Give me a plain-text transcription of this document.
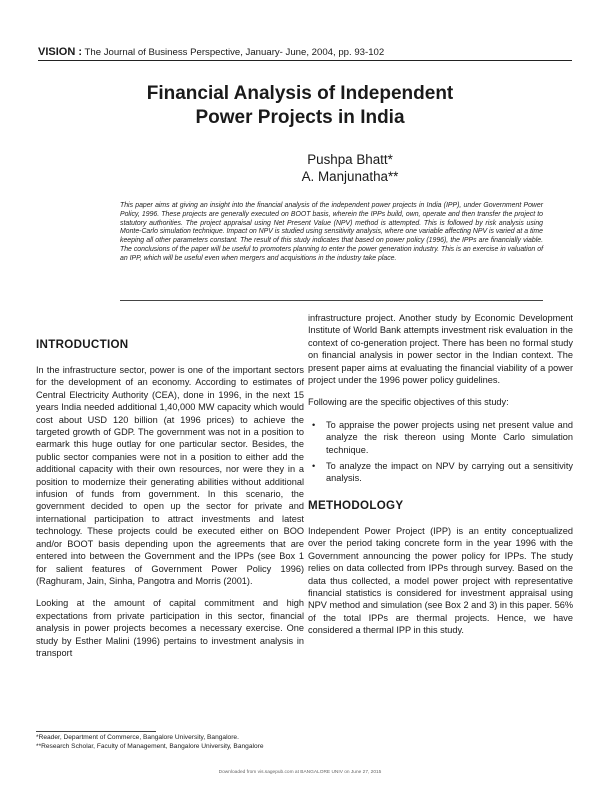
VISION : The Journal of Business Perspective, January- June, 2004, pp. 93-102
Financial Analysis of Independent
Power Projects in India
Pushpa Bhatt*
A. Manjunatha**
This paper aims at giving an insight into the financial analysis of the independent power projects in India (IPP), under Government Power Policy, 1996. These projects are generally executed on BOOT basis, wherein the IPPs build, own, operate and then transfer the project to statutory authorities. The project appraisal using Net Present Value (NPV) method is attempted. This is followed by risk analysis using Monte-Carlo simulation technique. Impact on NPV is studied using sensitivity analysis, where one variable affecting NPV is varied at a time keeping all other parameters constant. The result of this study indicates that based on power policy (1996), the IPPs are financially viable. The conclusions of the paper will be useful to promoters planning to enter the power generation industry. This is an exercise in valuation of an IPP, which will be useful even when mergers and acquisitions in the industry take place.
INTRODUCTION

In the infrastructure sector, power is one of the important sectors for the development of an economy. According to estimates of Central Electricity Authority (CEA), done in 1996, in the next 15 years India needed additional 1,40,000 MW capacity which would cost about USD 120 billion (at 1996 prices) to achieve the targeted growth of GDP. The government was not in a position to earmark this huge outlay for one particular sector. Besides, the public sector companies were not in a position to either add the additional capacity with their own resources, nor were they in a position to modernize their generating abilities without additional infusion of funds from government. In this scenario, the government decided to open up the sector for private and international participation to attract investments and latest technology. These projects could be executed either on BOO and/or BOOT basis depending upon the agreements that are entered into between the Government and the IPPs (see Box 1 for salient features of Government Power Policy 1996) (Raghuram, Jain, Sinha, Pangotra and Morris (2001).

Looking at the amount of capital commitment and high expectations from private participation in this sector, financial analysis in power projects becomes a necessary exercise. One study by Esther Malini (1996) pertains to investment analysis in transport

infrastructure project. Another study by Economic Development Institute of World Bank attempts investment risk evaluation in the context of co-generation project. There has been no formal study on financial analysis in power sector in the Indian context. The present paper aims at evaluating the financial viability of a power project under the 1996 power policy guidelines.

Following are the specific objectives of this study:

• To appraise the power projects using net present value and analyze the risk thereon using Monte Carlo simulation technique.
• To analyze the impact on NPV by carrying out a sensitivity analysis.
METHODOLOGY

Independent Power Project (IPP) is an entity conceptualized over the period taking concrete form in the year 1996 with the Government announcing the power policy for IPPs. The study relies on data collected from IPPs through survey. Based on the data thus collected, a model power project with representative financial statistics is considered for investment appraisal using NPV method and simulation (see Box 2 and 3) in this paper. 56% of the total IPPs are thermal projects. Hence, we have considered a thermal IPP in this study.

*Reader, Department of Commerce, Bangalore University, Bangalore.
**Research Scholar, Faculty of Management, Bangalore University, Bangalore
Downloaded from vis.sagepub.com at BANGALORE UNIV on June 27, 2015
